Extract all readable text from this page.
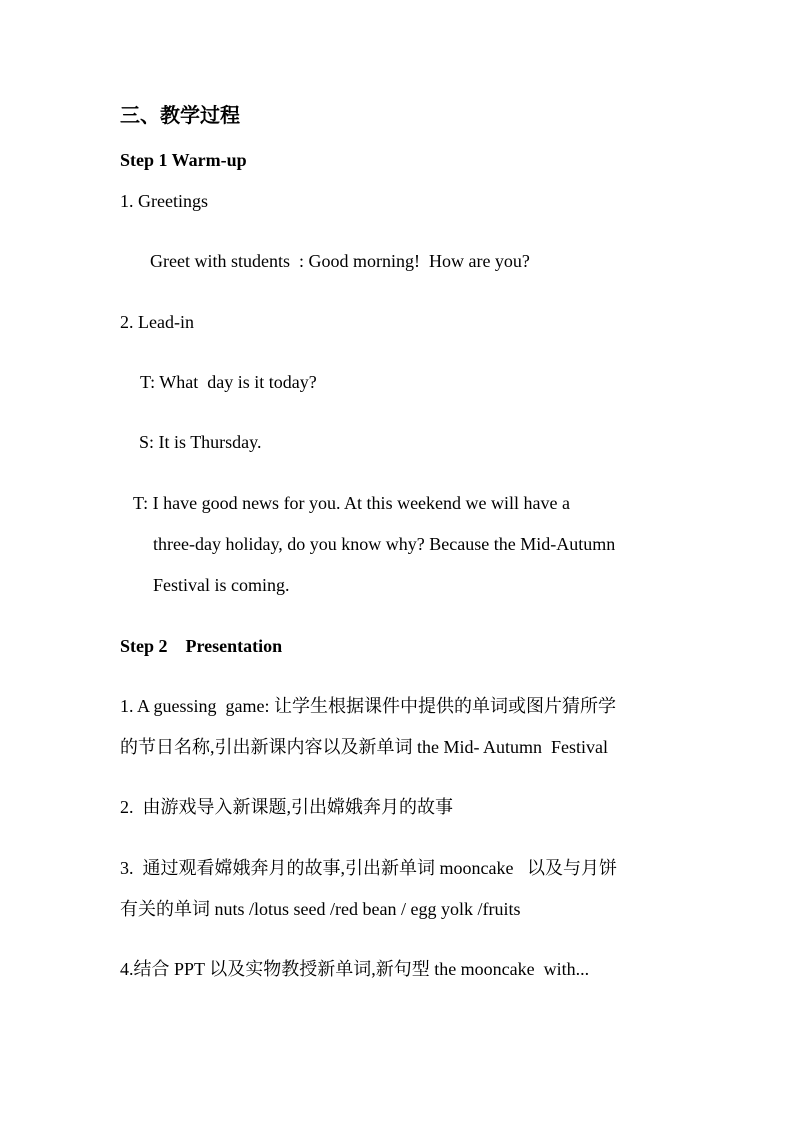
三、教学过程
Step 1 Warm-up
1. Greetings
Greet with students  : Good morning!  How are you?
2. Lead-in
T: What  day is it today?
S: It is Thursday.
T: I have good news for you. At this weekend we will have a
three-day holiday, do you know why? Because the Mid-Autumn
Festival is coming.
Step 2    Presentation
1. A guessing  game: 让学生根据课件中提供的单词或图片猜所学
的节日名称,引出新课内容以及新单词 the Mid- Autumn  Festival
2.  由游戏导入新课题,引出嫦娥奔月的故事
3.  通过观看嫦娥奔月的故事,引出新单词 mooncake   以及与月饼
有关的单词 nuts /lotus seed /red bean / egg yolk /fruits
4.结合 PPT 以及实物教授新单词,新句型 the mooncake  with...
